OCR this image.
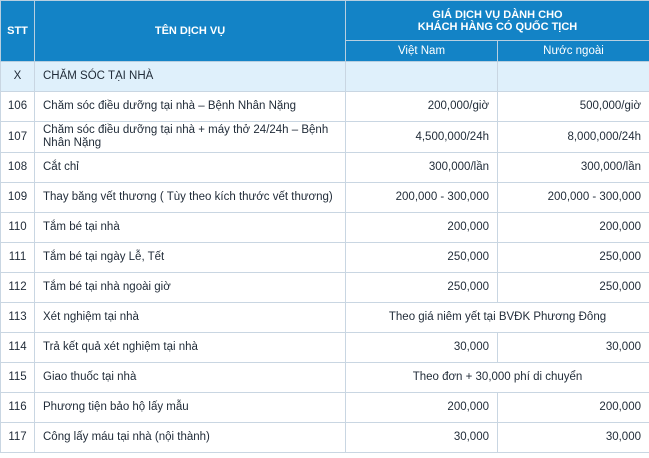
STT	TÊN DỊCH VỤ	GIÁ DỊCH VỤ DÀNH CHO
KHÁCH HÀNG CÓ QUỐC TỊCH	

		Việt Nam	Nước ngoài
X	CHĂM SÓC TẠI NHÀ		
106	Chăm sóc điều dưỡng tại nhà – Bệnh Nhân Nặng	200,000/giờ	500,000/giờ
107	Chăm sóc điều dưỡng tại nhà + máy thở 24/24h – Bệnh Nhân Nặng	4,500,000/24h	8,000,000/24h
108	Cắt chỉ	300,000/lần	300,000/lần
109	Thay băng vết thương ( Tùy theo kích thước vết thương)	200,000 - 300,000	200,000 - 300,000
110	Tắm bé tại nhà	200,000	200,000
111	Tắm bé tại ngày Lễ, Tết	250,000	250,000
112	Tắm bé tại nhà ngoài giờ	250,000	250,000
113	Xét nghiệm tại nhà	Theo giá niêm yết tại BVĐK Phương Đông	
114	Trả kết quả xét nghiệm tại nhà	30,000	30,000
115	Giao thuốc tại nhà	Theo đơn + 30,000 phí di chuyển	
116	Phương tiện bảo hộ lấy mẫu	200,000	200,000
117	Công lấy máu tại nhà (nội thành)	30,000	30,000
